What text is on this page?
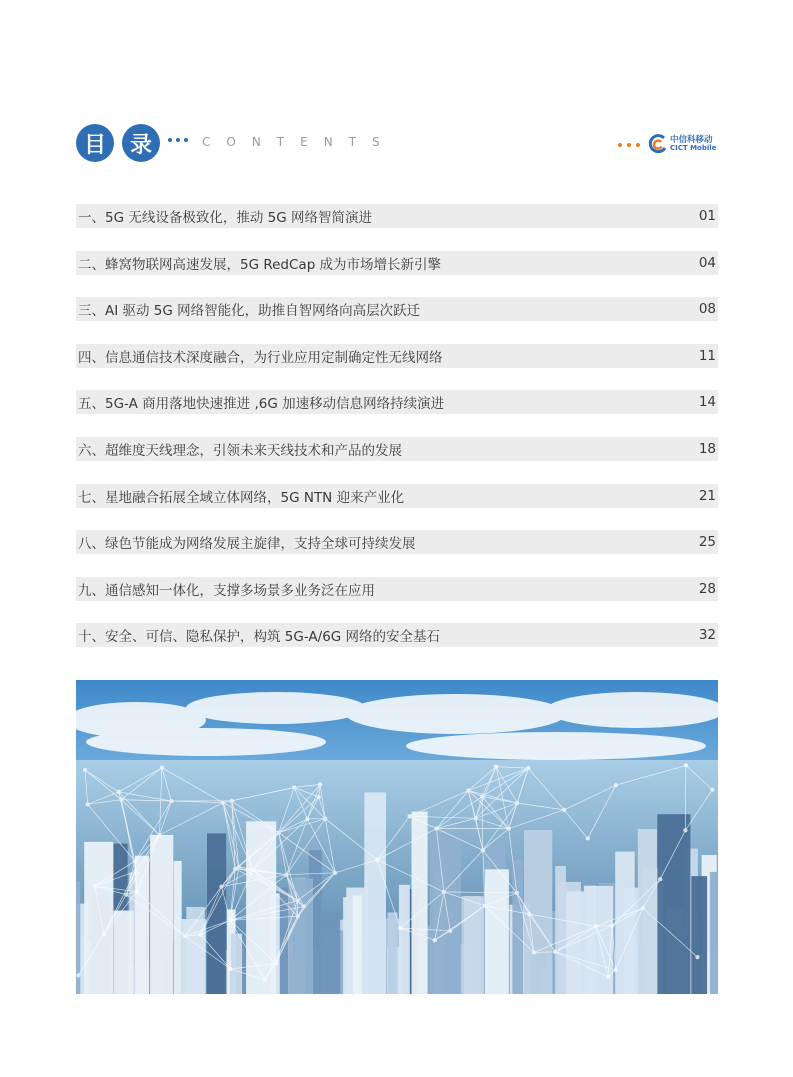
目	录	CONTENTS	中信科移动
CICT Mobile
一、5G 无线设备极致化，推动 5G 网络智简演进	01
二、蜂窝物联网高速发展，5G RedCap 成为市场增长新引擎	04
三、AI 驱动 5G 网络智能化，助推自智网络向高层次跃迁	08
四、信息通信技术深度融合，为行业应用定制确定性无线网络	11
五、5G-A 商用落地快速推进 ,6G 加速移动信息网络持续演进	14
六、超维度天线理念，引领未来天线技术和产品的发展	18
七、星地融合拓展全域立体网络，5G NTN 迎来产业化	21
八、绿色节能成为网络发展主旋律，支持全球可持续发展	25
九、通信感知一体化，支撑多场景多业务泛在应用	28
十、安全、可信、隐私保护，构筑 5G-A/6G 网络的安全基石	32
